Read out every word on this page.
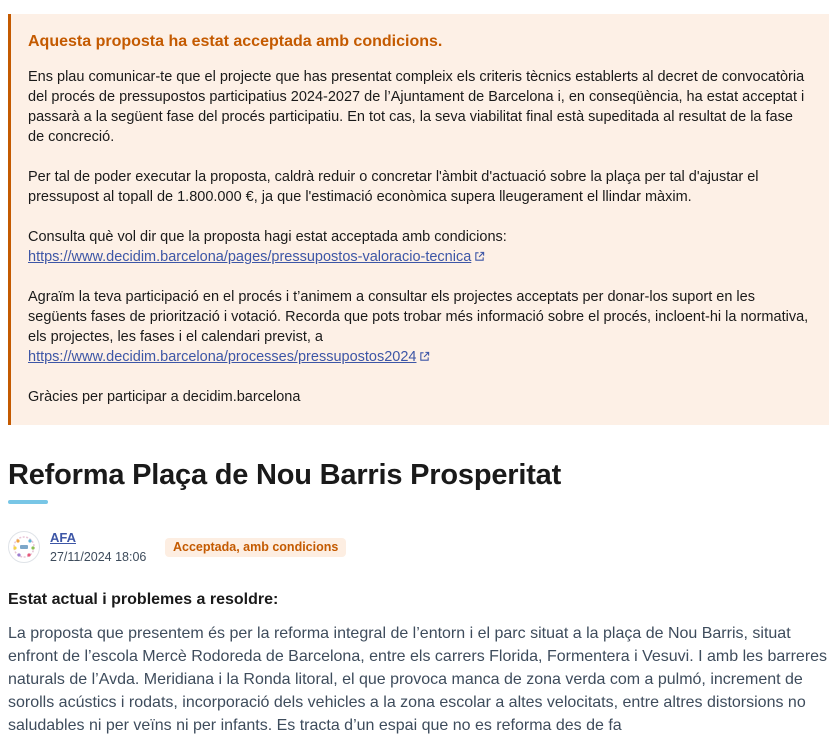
Aquesta proposta ha estat acceptada amb condicions.

Ens plau comunicar-te que el projecte que has presentat compleix els criteris tècnics establerts al decret de convocatòria del procés de pressupostos participatius 2024-2027 de l’Ajuntament de Barcelona i, en conseqüència, ha estat acceptat i passarà a la següent fase del procés participatiu. En tot cas, la seva viabilitat final està supeditada al resultat de la fase de concreció.

Per tal de poder executar la proposta, caldrà reduir o concretar l'àmbit d'actuació sobre la plaça per tal d'ajustar el pressupost al topall de 1.800.000 €, ja que l'estimació econòmica supera lleugerament el llindar màxim.

Consulta què vol dir que la proposta hagi estat acceptada amb condicions:
https://www.decidim.barcelona/pages/pressupostos-valoracio-tecnica

Agraïm la teva participació en el procés i t’animem a consultar els projectes acceptats per donar-los suport en les següents fases de priorització i votació. Recorda que pots trobar més informació sobre el procés, incloent-hi la normativa, els projectes, les fases i el calendari previst, a
https://www.decidim.barcelona/processes/pressupostos2024

Gràcies per participar a decidim.barcelona

Reforma Plaça de Nou Barris Prosperitat
AFA
27/11/2024 18:06
Acceptada, amb condicions
Estat actual i problemes a resoldre:

La proposta que presentem és per la reforma integral de l’entorn i el parc situat a la plaça de Nou Barris, situat enfront de l’escola Mercè Rodoreda de Barcelona, entre els carrers Florida, Formentera i Vesuvi. I amb les barreres naturals de l’Avda. Meridiana i la Ronda litoral, el que provoca manca de zona verda com a pulmó, increment de sorolls acústics i rodats, incorporació dels vehicles a la zona escolar a altes velocitats, entre altres distorsions no saludables ni per veïns ni per infants. Es tracta d’un espai que no es reforma des de fa
